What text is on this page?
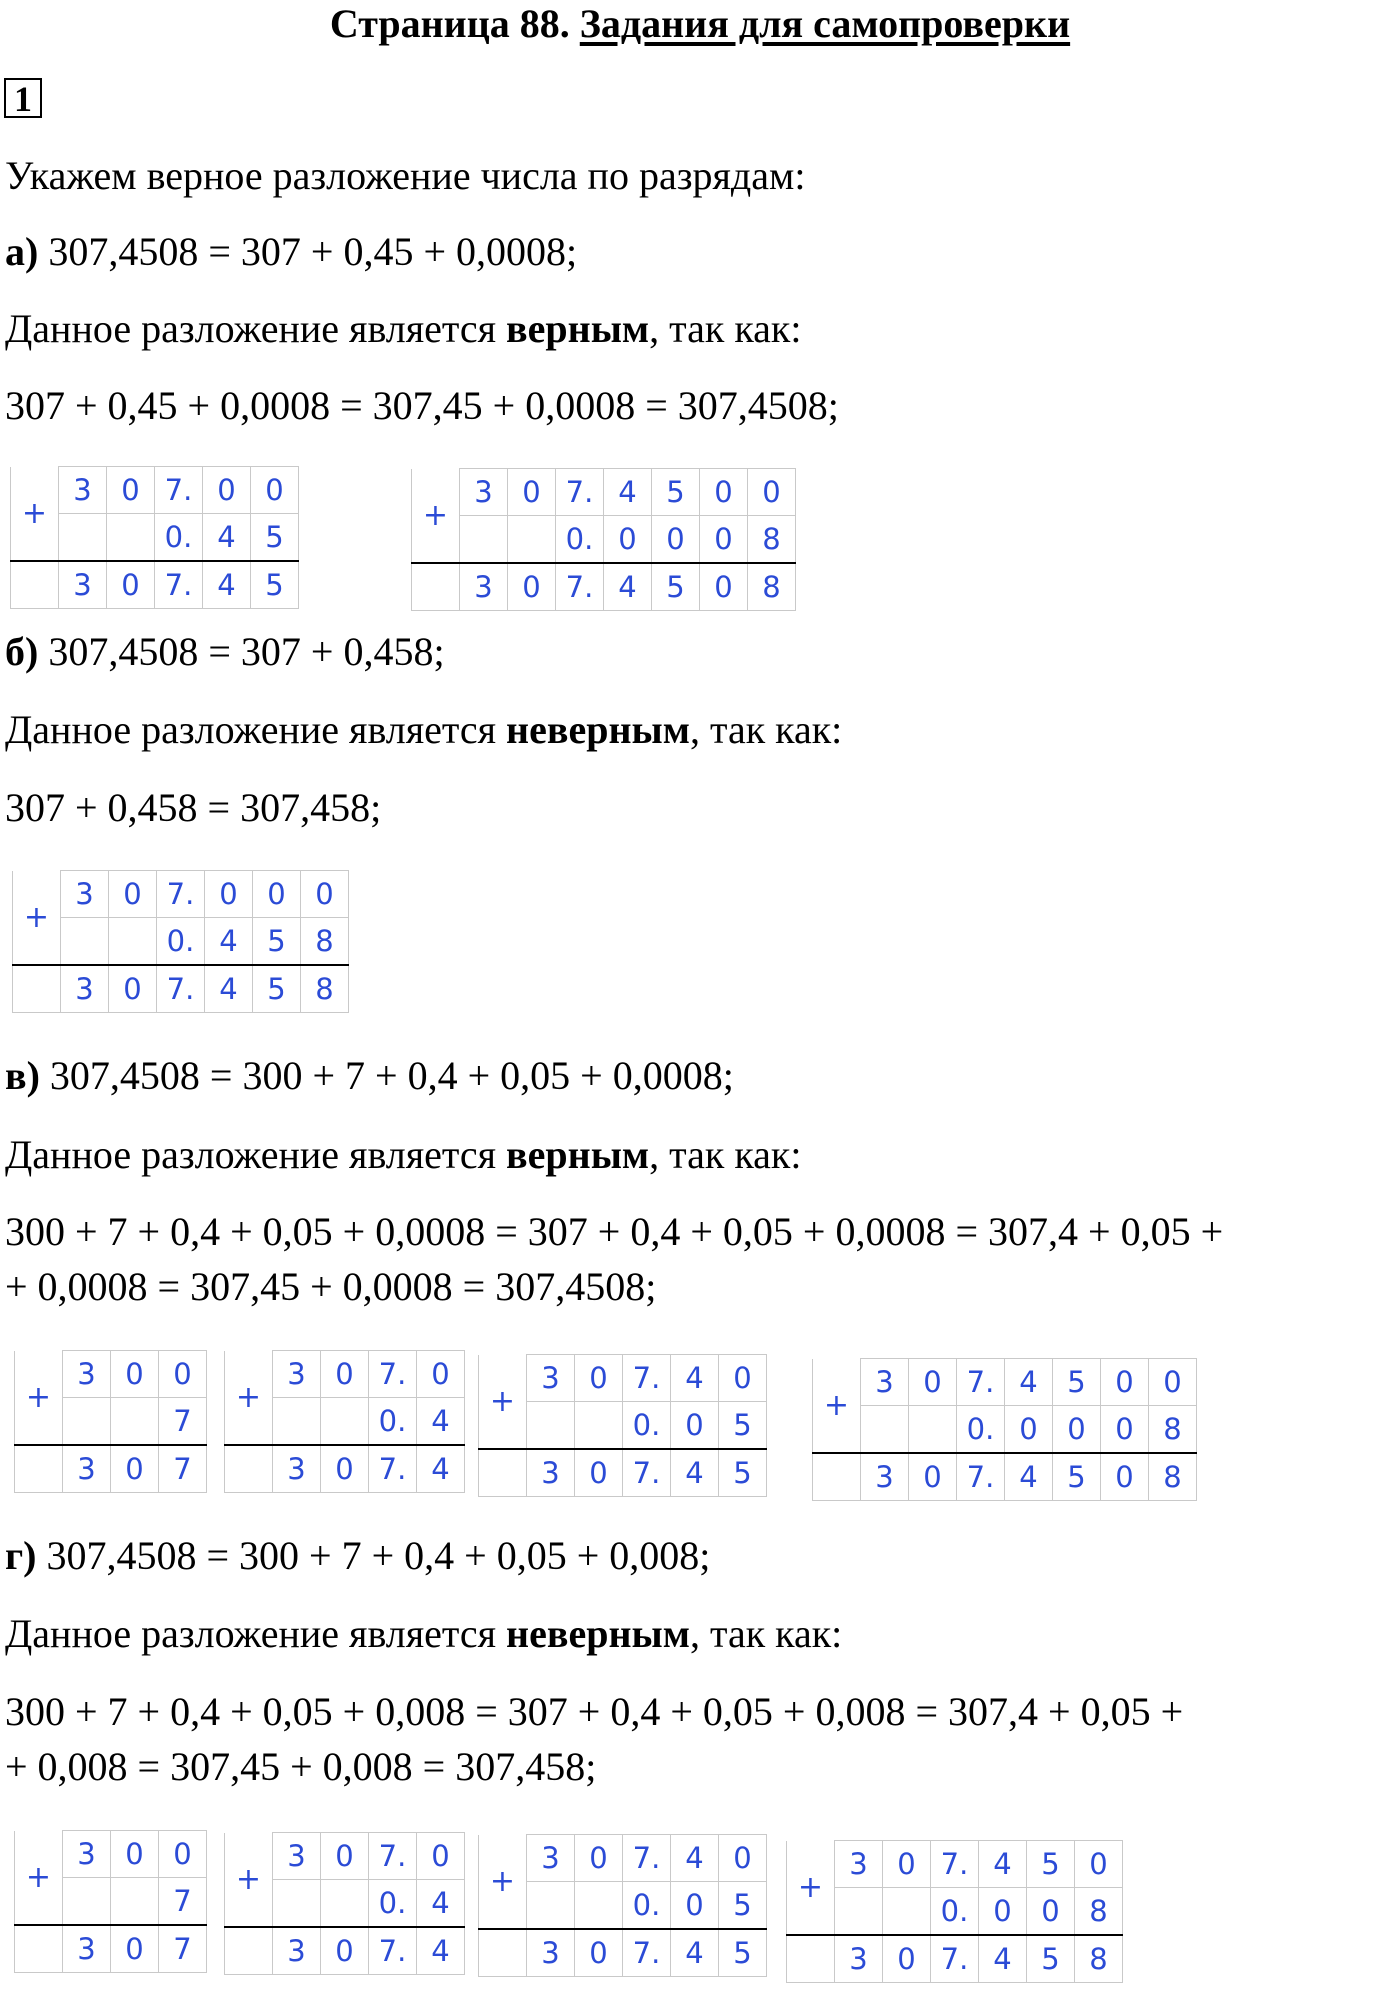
Страница 88. Задания для самопроверки
1
Укажем верное разложение числа по разрядам:
а) 307,4508 = 307 + 0,45 + 0,0008;
Данное разложение является верным, так как:
307 + 0,45 + 0,0008 = 307,45 + 0,0008 = 307,4508;
+	3	0	7.	0	0
			0.	4	5
	3	0	7.	4	5
+	3	0	7.	4	5	0	0
			0.	0	0	0	8
	3	0	7.	4	5	0	8
б) 307,4508 = 307 + 0,458;
Данное разложение является неверным, так как:
307 + 0,458 = 307,458;
+	3	0	7.	0	0	0
			0.	4	5	8
	3	0	7.	4	5	8
в) 307,4508 = 300 + 7 + 0,4 + 0,05 + 0,0008;
Данное разложение является верным, так как:
300 + 7 + 0,4 + 0,05 + 0,0008 = 307 + 0,4 + 0,05 + 0,0008 = 307,4 + 0,05 +
+ 0,0008 = 307,45 + 0,0008 = 307,4508;
+	3	0	0
			7
	3	0	7
+	3	0	7.	0
			0.	4
	3	0	7.	4
+	3	0	7.	4	0
			0.	0	5
	3	0	7.	4	5
+	3	0	7.	4	5	0	0
			0.	0	0	0	8
	3	0	7.	4	5	0	8
г) 307,4508 = 300 + 7 + 0,4 + 0,05 + 0,008;
Данное разложение является неверным, так как:
300 + 7 + 0,4 + 0,05 + 0,008 = 307 + 0,4 + 0,05 + 0,008 = 307,4 + 0,05 +
+ 0,008 = 307,45 + 0,008 = 307,458;
+	3	0	0
			7
	3	0	7
+	3	0	7.	0
			0.	4
	3	0	7.	4
+	3	0	7.	4	0
			0.	0	5
	3	0	7.	4	5
+	3	0	7.	4	5	0
			0.	0	0	8
	3	0	7.	4	5	8
